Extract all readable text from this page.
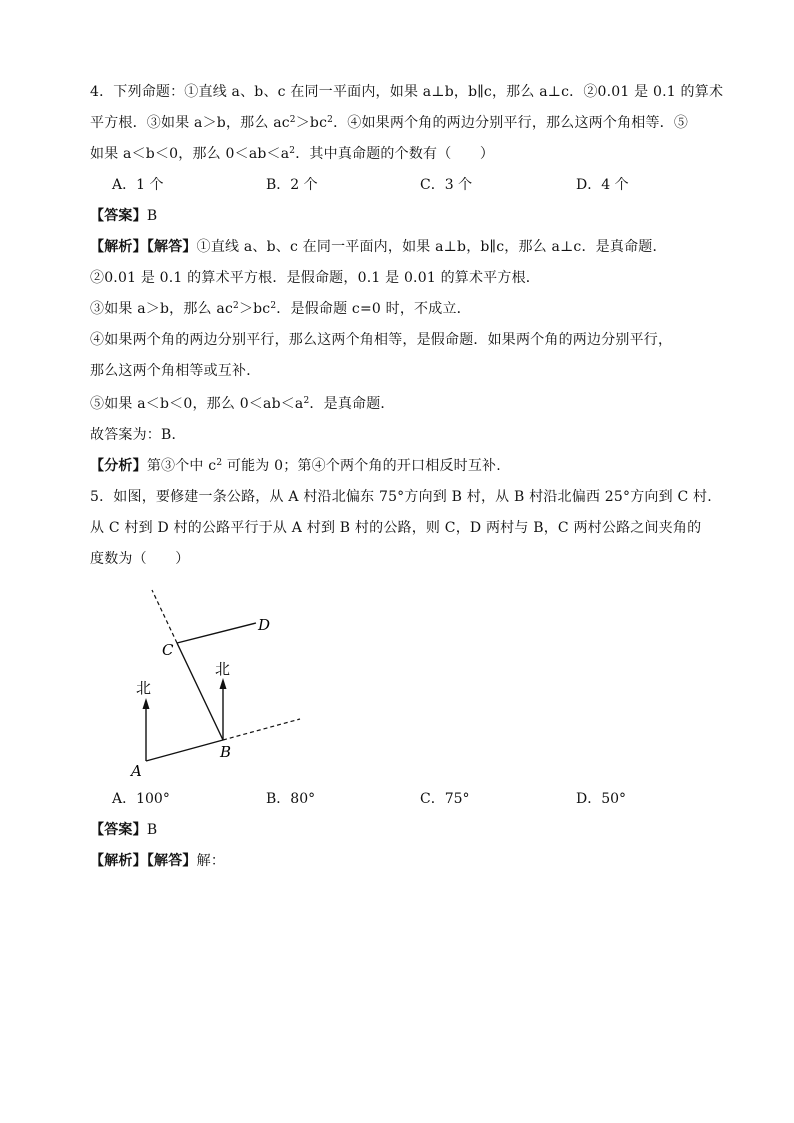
4．下列命题：①直线 a、b、c 在同一平面内，如果 a⊥b，b∥c，那么 a⊥c．②0.01 是 0.1 的算术
平方根．③如果 a＞b，那么 $ac^2>bc^2$．④如果两个角的两边分别平行，那么这两个角相等．⑤
如果 a＜b＜0，那么 $0<ab<a^2$．其中真命题的个数有（　　）
A．1 个	B．2 个	C．3 个	D．4 个
【答案】B
【解析】【解答】①直线 a、b、c 在同一平面内，如果 a⊥b，b∥c，那么 a⊥c．是真命题．
②0.01 是 0.1 的算术平方根．是假命题，0.1 是 0.01 的算术平方根．
③如果 a＞b，那么 $ac^2>bc^2$．是假命题 c=0 时，不成立．
④如果两个角的两边分别平行，那么这两个角相等，是假命题．如果两个角的两边分别平行，
那么这两个角相等或互补．
⑤如果 a＜b＜0，那么 $0<ab<a^2$．是真命题．
故答案为：B．
【分析】第③个中 $c^2$ 可能为 0；第④个两个角的开口相反时互补.
5．如图，要修建一条公路，从 A 村沿北偏东 75°方向到 B 村，从 B 村沿北偏西 25°方向到 C 村.
从 C 村到 D 村的公路平行于从 A 村到 B 村的公路，则 C，D 两村与 B，C 两村公路之间夹角的
度数为（　　）
C
D
B
A
北
北
A．100°	B．80°	C．75°	D．50°
【答案】B
【解析】【解答】解：
